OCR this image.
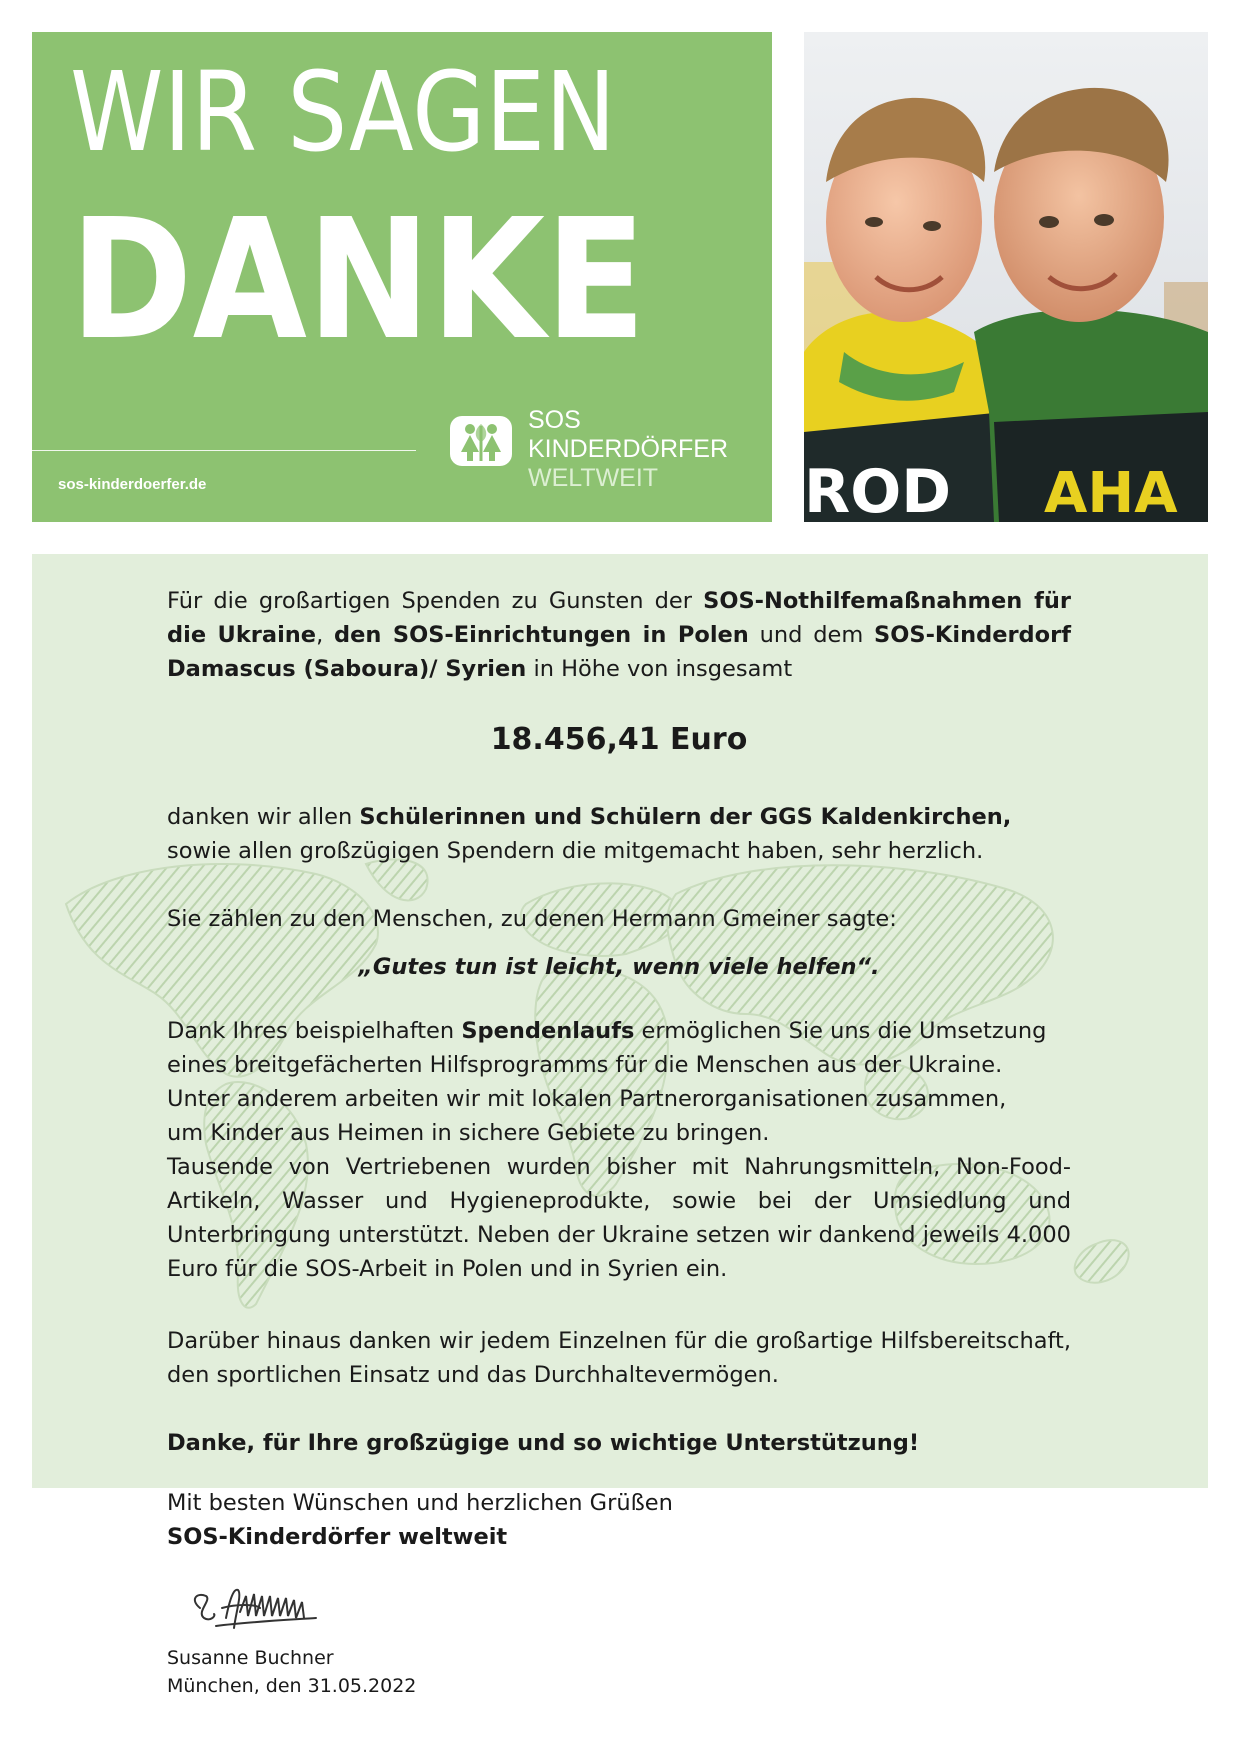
WIR SAGEN
DANKE
sos-kinderdoerfer.de
SOS
KINDERDÖRFER
WELTWEIT	ROD AHA

Für die großartigen Spenden zu Gunsten der SOS-Nothilfemaßnahmen für die Ukraine, den SOS-Einrichtungen in Polen und dem SOS-Kinderdorf Damascus (Saboura)/ Syrien in Höhe von insgesamt

18.456,41 Euro

danken wir allen Schülerinnen und Schülern der GGS Kaldenkirchen,

sowie allen großzügigen Spendern die mitgemacht haben, sehr herzlich.

Sie zählen zu den Menschen, zu denen Hermann Gmeiner sagte:
„Gutes tun ist leicht, wenn viele helfen“.

Dank Ihres beispielhaften Spendenlaufs ermöglichen Sie uns die Umsetzung eines breitgefächerten Hilfsprogramms für die Menschen aus der Ukraine.

Unter anderem arbeiten wir mit lokalen Partnerorganisationen zusammen, um Kinder aus Heimen in sichere Gebiete zu bringen.

Tausende von Vertriebenen wurden bisher mit Nahrungsmitteln, Non-Food-Artikeln, Wasser und Hygieneprodukte, sowie bei der Umsiedlung und Unterbringung unterstützt. Neben der Ukraine setzen wir dankend jeweils 4.000 Euro für die SOS-Arbeit in Polen und in Syrien ein.

Darüber hinaus danken wir jedem Einzelnen für die großartige Hilfsbereitschaft, den sportlichen Einsatz und das Durchhaltevermögen.
Danke, für Ihre großzügige und so wichtige Unterstützung!
Mit besten Wünschen und herzlichen Grüßen
SOS-Kinderdörfer weltweit
Susanne Buchner
München, den 31.05.2022
